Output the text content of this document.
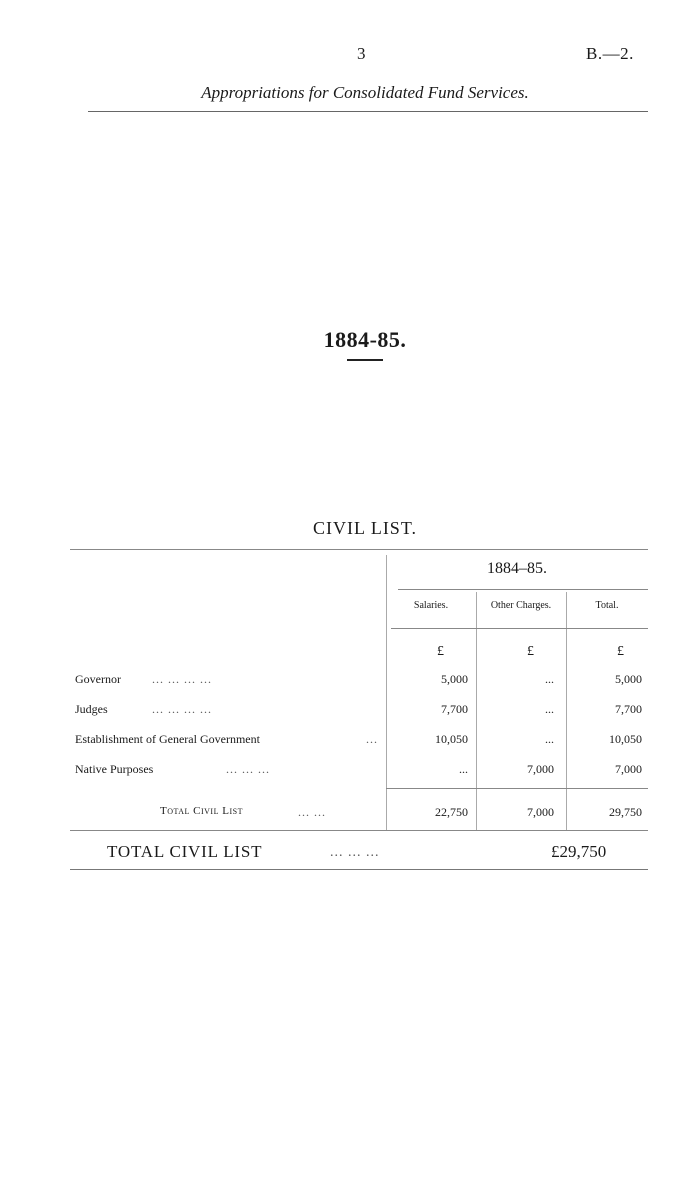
3	B.—2.
Appropriations for Consolidated Fund Services.
1884-85.
CIVIL LIST.
1884–85.
Salaries.	Other Charges.	Total.
£	£	£
Governor	... ... ... ...	5,000	...	5,000
Judges	... ... ... ...	7,700	...	7,700
Establishment of General Government	...	10,050	...	10,050
Native Purposes	... ... ...	...	7,000	7,000
Total Civil List	... ...	22,750	7,000	29,750
TOTAL CIVIL LIST	... ... ...	£29,750
